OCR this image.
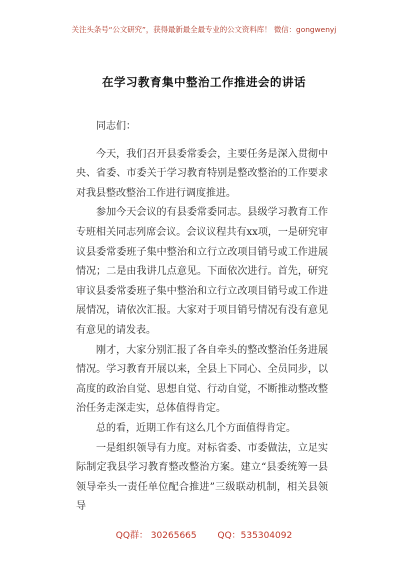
关注头条号“公文研究”，获得最新最全最专业的公文资料库！ 微信：gongwenyj
在学习教育集中整治工作推进会的讲话

同志们：

今天，我们召开县委常委会，主要任务是深入贯彻中央、省委、市委关于学习教育特别是整改整治的工作要求对我县整改整治工作进行调度推进。

参加今天会议的有县委常委同志。县级学习教育工作专班相关同志列席会议。会议议程共有xx项，一是研究审议县委常委班子集中整治和立行立改项目销号或工作进展情况；二是由我讲几点意见。下面依次进行。首先，研究审议县委常委班子集中整治和立行立改项目销号或工作进展情况，请依次汇报。大家对于项目销号情况有没有意见有意见的请发表。

刚才，大家分别汇报了各自牵头的整改整治任务进展情况。学习教育开展以来，全县上下同心、全员同步，以高度的政治自觉、思想自觉、行动自觉，不断推动整改整治任务走深走实，总体值得肯定。

总的看，近期工作有这么几个方面值得肯定。

一是组织领导有力度。对标省委、市委做法，立足实际制定我县学习教育整改整治方案。建立“县委统筹一县领导牵头一责任单位配合推进”三级联动机制，相关县领导

QQ群： 30265665 QQ：535304092
